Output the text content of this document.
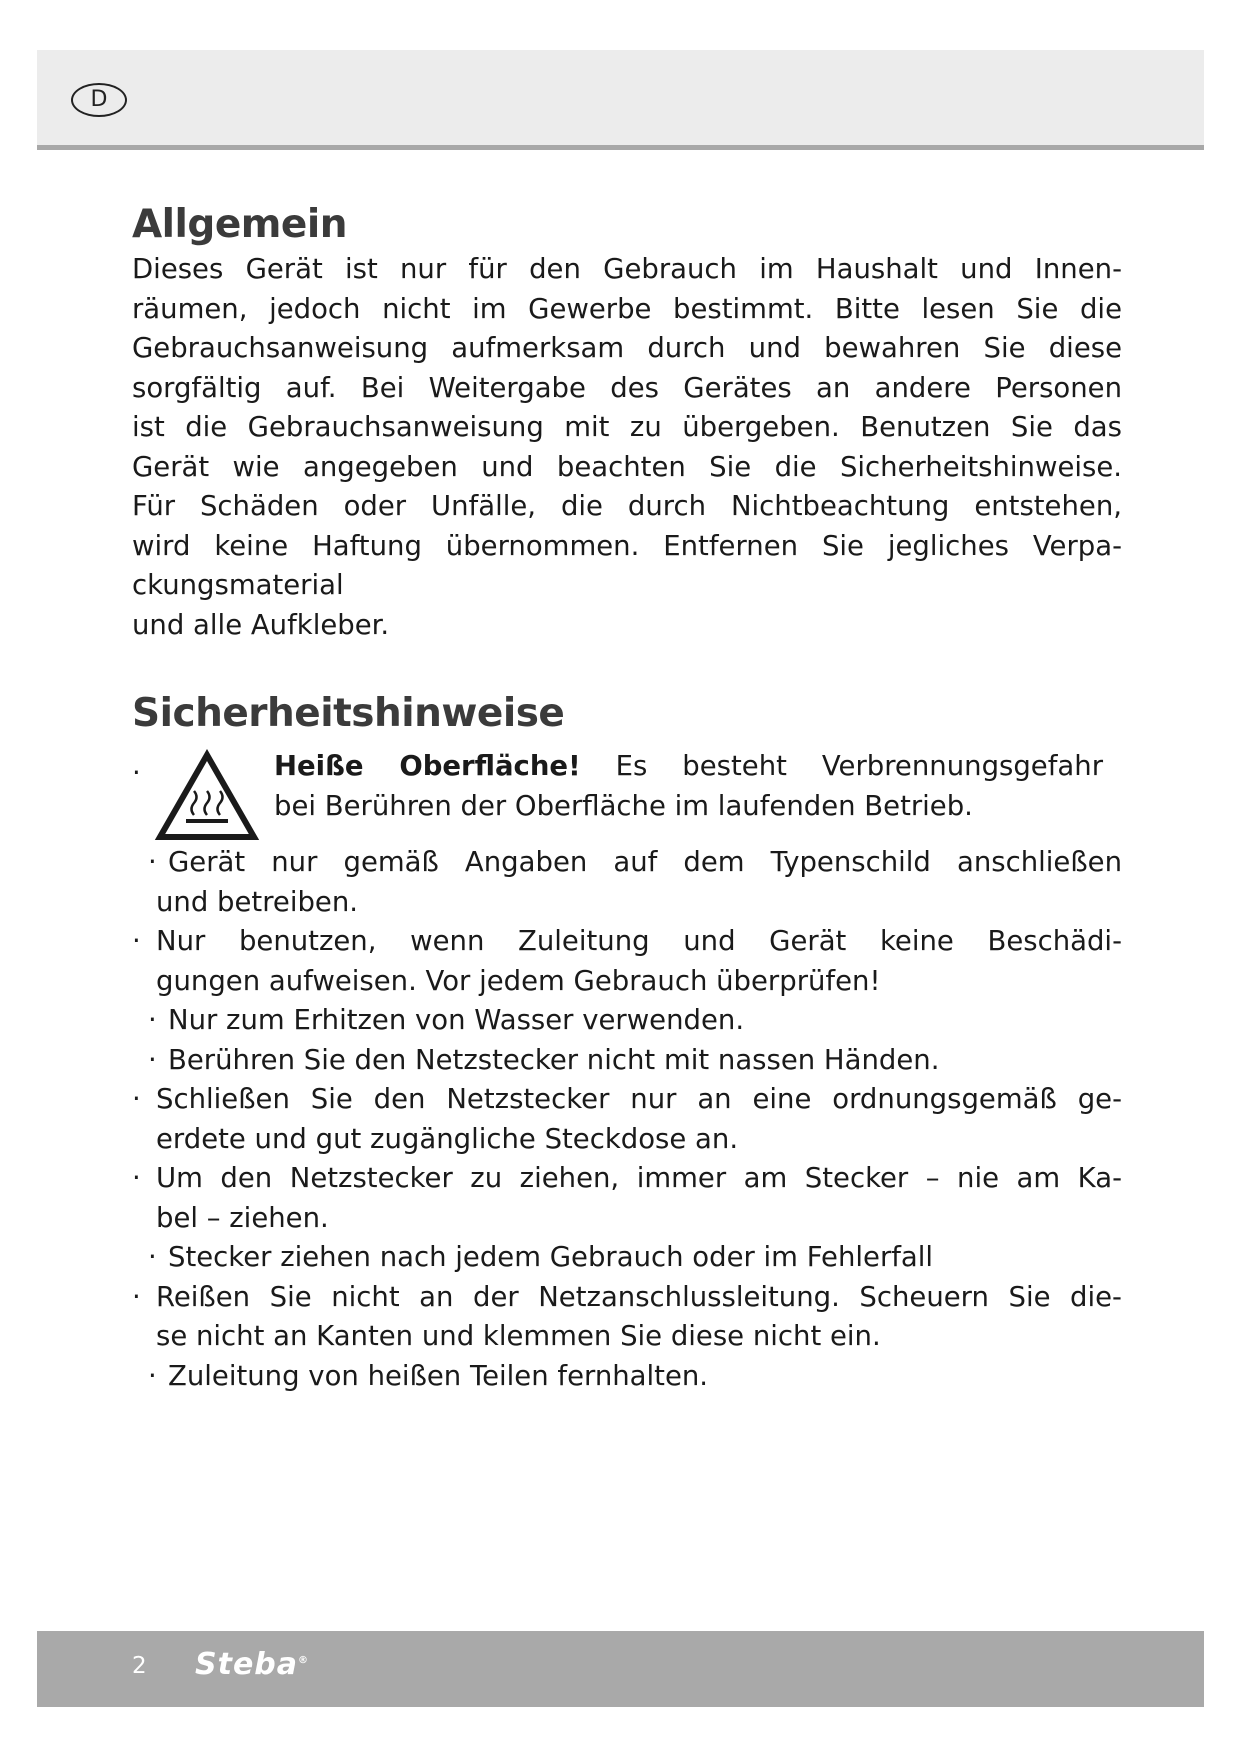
D
Allgemein

Dieses Gerät ist nur für den Gebrauch im Haushalt und Innen-
räumen, jedoch nicht im Gewerbe bestimmt. Bitte lesen Sie die
Gebrauchsanweisung aufmerksam durch und bewahren Sie diese
sorgfältig auf. Bei Weitergabe des Gerätes an andere Personen
ist die Gebrauchsanweisung mit zu übergeben. Benutzen Sie das
Gerät wie angegeben und beachten Sie die Sicherheitshinweise.
Für Schäden oder Unfälle, die durch Nichtbeachtung entstehen,
wird keine Haftung übernommen. Entfernen Sie jegliches Verpa-
ckungsmaterial
und alle Aufkleber.

Sicherheitshinweise
·	Heiße Oberfläche! Es besteht Verbrennungsgefahr
bei Berühren der Oberfläche im laufenden Betrieb.
· Gerät nur gemäß Angaben auf dem Typenschild anschließen
und betreiben.
· Nur benutzen, wenn Zuleitung und Gerät keine Beschädi-
gungen aufweisen. Vor jedem Gebrauch überprüfen!
· Nur zum Erhitzen von Wasser verwenden.
· Berühren Sie den Netzstecker nicht mit nassen Händen.
· Schließen Sie den Netzstecker nur an eine ordnungsgemäß ge-
erdete und gut zugängliche Steckdose an.
· Um den Netzstecker zu ziehen, immer am Stecker – nie am Ka-
bel – ziehen.
· Stecker ziehen nach jedem Gebrauch oder im Fehlerfall
· Reißen Sie nicht an der Netzanschlussleitung. Scheuern Sie die-
se nicht an Kanten und klemmen Sie diese nicht ein.
· Zuleitung von heißen Teilen fernhalten.
2 Steba®
